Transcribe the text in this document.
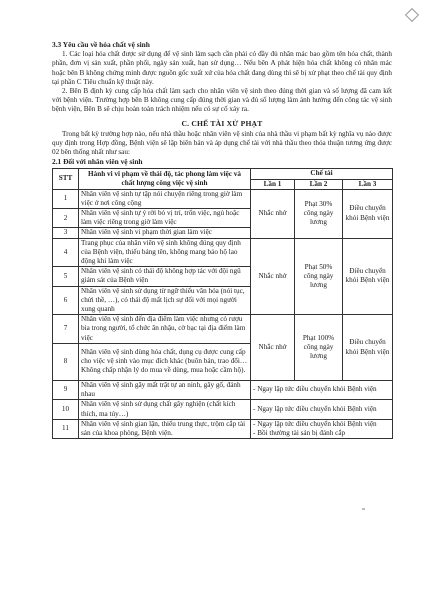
3.3 Yêu cầu về hóa chất vệ sinh

1. Các loại hóa chất được sử dụng để vệ sinh làm sạch cần phải có đầy đủ nhãn mác bao gồm tên hóa chất, thành phần, đơn vị sản xuất, phần phối, ngày sản xuất, hạn sử dụng… Nếu bên A phát hiện hóa chất không có nhãn mác hoặc bên B không chứng minh được nguồn gốc xuất xứ của hóa chất đang dùng thì sẽ bị xử phạt theo chế tài quy định tại phần C Tiêu chuẩn kỹ thuật này.

2. Bên B định kỳ cung cấp hóa chất làm sạch cho nhân viên vệ sinh theo đúng thời gian và số lượng đã cam kết với bệnh viện. Trường hợp bên B không cung cấp đúng thời gian và đủ số lượng làm ảnh hưởng đến công tác vệ sinh bệnh viện, Bên B sẽ chịu hoàn toàn trách nhiệm nếu có sự cố xảy ra.

C. CHẾ TÀI XỬ PHẠT

Trong bất kỳ trường hợp nào, nếu nhà thầu hoặc nhân viên vệ sinh của nhà thầu vi phạm bất kỳ nghĩa vụ nào được quy định trong Hợp đồng, Bệnh viện sẽ lập biên bản và áp dụng chế tài với nhà thầu theo thỏa thuận tương ứng được 02 bên thống nhất như sau:

2.1 Đối với nhân viên vệ sinh
STT	Hành vi vi phạm về thái độ, tác phong làm việc và chất lượng công việc vệ sinh	Chế tài		
		Lần 1	Lần 2	Lần 3
1	Nhân viên vệ sinh tự tập nói chuyện riêng trong giờ làm việc ở nơi công cộng	Nhắc nhở	Phạt 30% công ngày lương	Điều chuyển khỏi Bệnh viện
2	Nhân viên vệ sinh tự ý rời bỏ vị trí, trốn việc, ngủ hoặc làm việc riêng trong giờ làm việc			
3	Nhân viên vệ sinh vi phạm thời gian làm việc			
4	Trang phục của nhân viên vệ sinh không đúng quy định của Bệnh viện, thiếu bảng tên, không mang bảo hộ lao động khi làm việc	Nhắc nhở	Phạt 50% công ngày lương	Điều chuyển khỏi Bệnh viện
5	Nhân viên vệ sinh có thái độ không hợp tác với đội ngũ giám sát của Bệnh viện			
6	Nhân viên vệ sinh sử dụng từ ngữ thiếu văn hóa (nói tục, chửi thề, …), có thái độ mất lịch sự đối với mọi người xung quanh			
7	Nhân viên vệ sinh đến địa điểm làm việc nhưng có rượu bia trong người, tổ chức ăn nhậu, cờ bạc tại địa điểm làm việc	Nhắc nhở	Phạt 100% công ngày lương	Điều chuyển khỏi Bệnh viện
8	Nhân viên vệ sinh dùng hóa chất, dụng cụ được cung cấp cho việc vệ sinh vào mục đích khác (buôn bán, trao đổi… Không chấp nhận lý do mua về dùng, mua hoặc cầm hộ).			
9	Nhân viên vệ sinh gây mất trật tự an ninh, gây gổ, đánh nhau	- Ngay lập tức điều chuyển khỏi Bệnh viện		
10	Nhân viên vệ sinh sử dụng chất gây nghiện (chất kích thích, ma túy…)	- Ngay lập tức điều chuyển khỏi Bệnh viện		
11	Nhân viên vệ sinh gian lận, thiếu trung thực, trộm cắp tài sản của khoa phòng, Bệnh viện.	- Ngay lập tức điều chuyển khỏi Bệnh viện
- Bồi thường tài sản bị đánh cắp		
